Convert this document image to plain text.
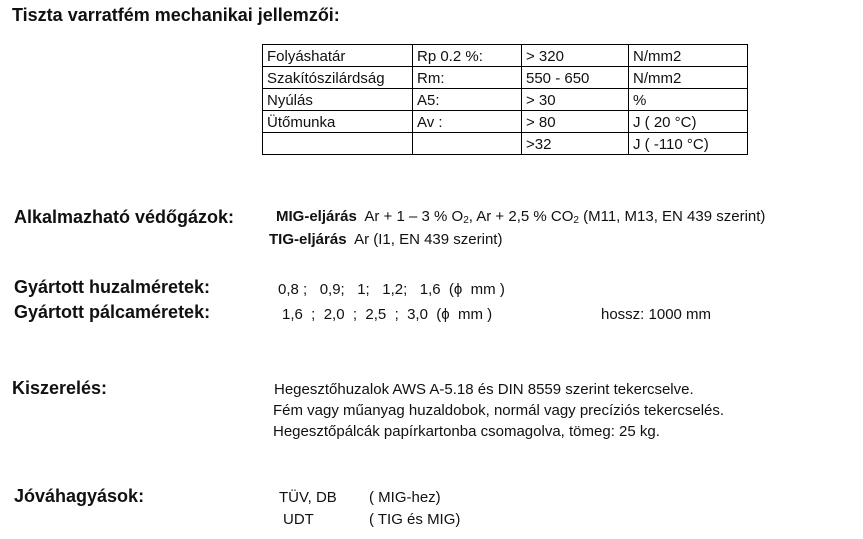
Tiszta varratfém mechanikai jellemzői:
Folyáshatár	Rp 0.2 %:	> 320	N/mm2
Szakítószilárdság	Rm:	550 - 650	N/mm2
Nyúlás	A5:	> 30	%
Ütőmunka	Av :	> 80	J ( 20 °C)
		>32	J ( -110 °C)
Alkalmazható védőgázok:	MIG-eljárás Ar + 1 – 3 % $O_2$, Ar + 2,5 % $CO_2$ (M11, M13, EN 439 szerint)
TIG-eljárás Ar (I1, EN 439 szerint)
Gyártott huzalméretek:	0,8 ;   0,9;   1;   1,2;   1,6  (ϕ  mm )
Gyártott pálcaméretek:	1,6  ;  2,0  ;  2,5  ;  3,0  (ϕ  mm )	hossz: 1000 mm
Kiszerelés:	Hegesztőhuzalok AWS A-5.18 és DIN 8559 szerint tekercselve.
Fém vagy műanyag huzaldobok, normál vagy precíziós tekercselés.
Hegesztőpálcák papírkartonba csomagolva, tömeg: 25 kg.
Jóváhagyások:	TÜV, DB ( MIG-hez)
UDT	( TIG és MIG)
